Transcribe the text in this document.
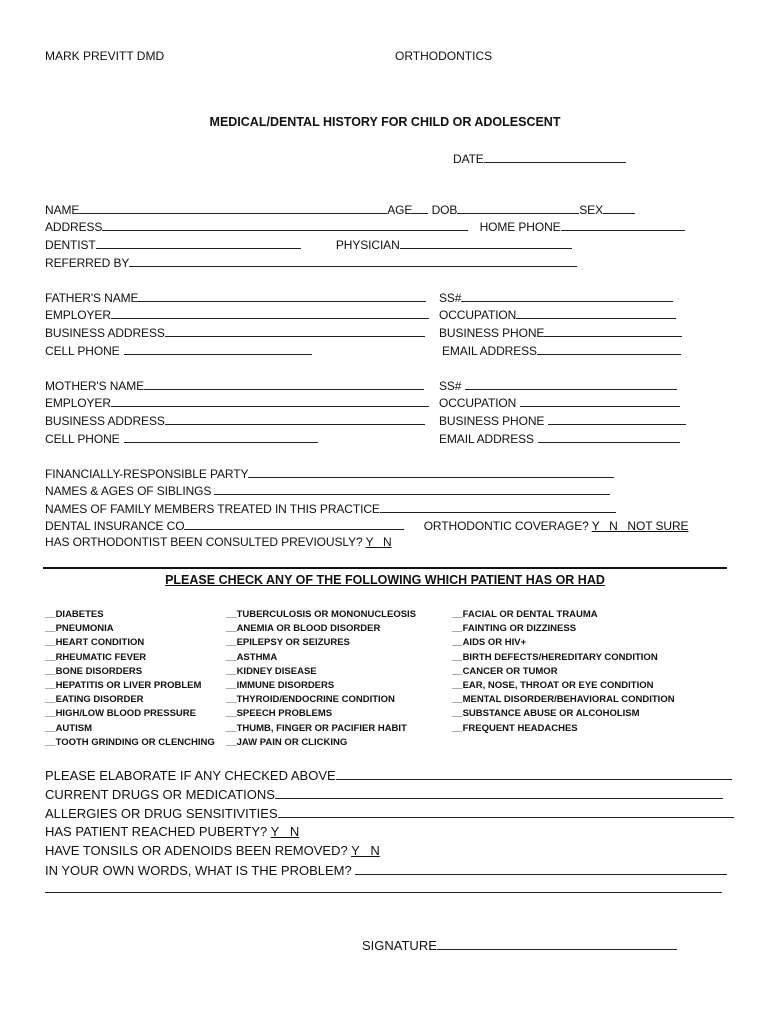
MARK PREVITT DMD	ORTHODONTICS
MEDICAL/DENTAL HISTORY FOR CHILD OR ADOLESCENT
DATE
NAME	AGE DOB	SEX
ADDRESS	HOME PHONE
DENTIST	PHYSICIAN
REFERRED BY
FATHER'S NAME	SS#
EMPLOYER	OCCUPATION
BUSINESS ADDRESS	BUSINESS PHONE
CELL PHONE	EMAIL ADDRESS
MOTHER'S NAME	SS#
EMPLOYER	OCCUPATION
BUSINESS ADDRESS	BUSINESS PHONE
CELL PHONE	EMAIL ADDRESS
FINANCIALLY-RESPONSIBLE PARTY
NAMES & AGES OF SIBLINGS
NAMES OF FAMILY MEMBERS TREATED IN THIS PRACTICE
DENTAL INSURANCE CO	ORTHODONTIC COVERAGE? Y   N   NOT SURE
HAS ORTHODONTIST BEEN CONSULTED PREVIOUSLY? Y   N
PLEASE CHECK ANY OF THE FOLLOWING WHICH PATIENT HAS OR HAD
__DIABETES
__PNEUMONIA
__HEART CONDITION
__RHEUMATIC FEVER
__BONE DISORDERS
__HEPATITIS OR LIVER PROBLEM
__EATING DISORDER
__HIGH/LOW BLOOD PRESSURE
__AUTISM
__TOOTH GRINDING OR CLENCHING
__TUBERCULOSIS OR MONONUCLEOSIS
__ANEMIA OR BLOOD DISORDER
__EPILEPSY OR SEIZURES
__ASTHMA
__KIDNEY DISEASE
__IMMUNE DISORDERS
__THYROID/ENDOCRINE CONDITION
__SPEECH PROBLEMS
__THUMB, FINGER OR PACIFIER HABIT
__JAW PAIN OR CLICKING
__FACIAL OR DENTAL TRAUMA
__FAINTING OR DIZZINESS
__AIDS OR HIV+
__BIRTH DEFECTS/HEREDITARY CONDITION
__CANCER OR TUMOR
__EAR, NOSE, THROAT OR EYE CONDITION
__MENTAL DISORDER/BEHAVIORAL CONDITION
__SUBSTANCE ABUSE OR ALCOHOLISM
__FREQUENT HEADACHES
PLEASE ELABORATE IF ANY CHECKED ABOVE
CURRENT DRUGS OR MEDICATIONS
ALLERGIES OR DRUG SENSITIVITIES
HAS PATIENT REACHED PUBERTY? Y   N
HAVE TONSILS OR ADENOIDS BEEN REMOVED? Y   N
IN YOUR OWN WORDS, WHAT IS THE PROBLEM?
SIGNATURE
